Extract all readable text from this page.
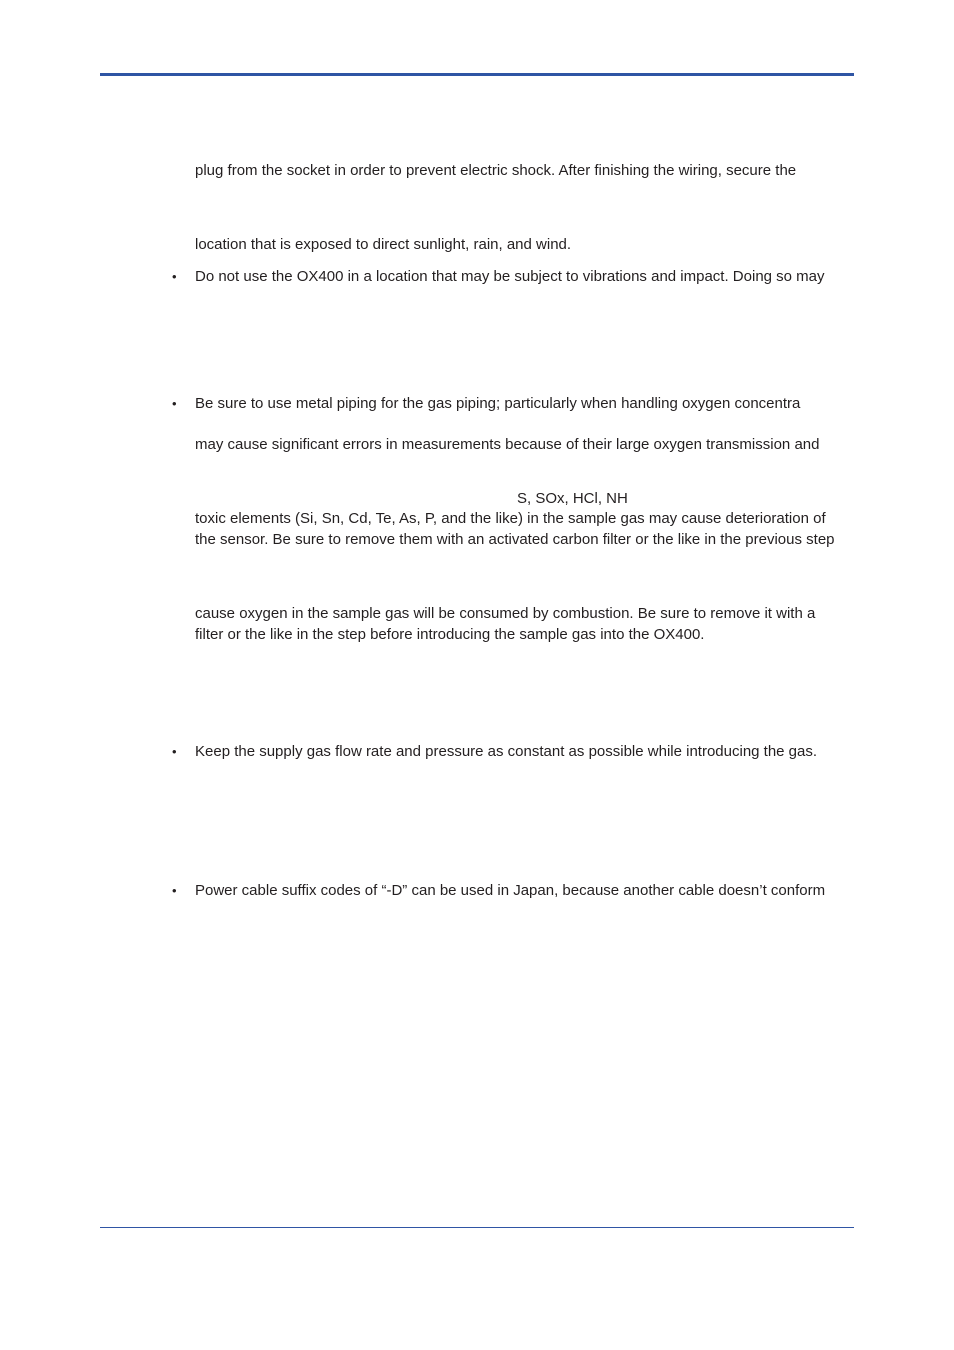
plug from the socket in order to prevent electric shock. After finishing the wiring, secure the

location that is exposed to direct sunlight, rain, and wind.

• Do not use the OX400 in a location that may be subject to vibrations and impact. Doing so may

• Be sure to use metal piping for the gas piping; particularly when handling oxygen concentra

may cause significant errors in measurements because of their large oxygen transmission and

S, SOx, HCl, NH

toxic elements (Si, Sn, Cd, Te, As, P, and the like) in the sample gas may cause deterioration of

the sensor. Be sure to remove them with an activated carbon filter or the like in the previous step

cause oxygen in the sample gas will be consumed by combustion. Be sure to remove it with a

filter or the like in the step before introducing the sample gas into the OX400.

• Keep the supply gas flow rate and pressure as constant as possible while introducing the gas.

• Power cable suffix codes of “-D” can be used in Japan, because another cable doesn’t conform
